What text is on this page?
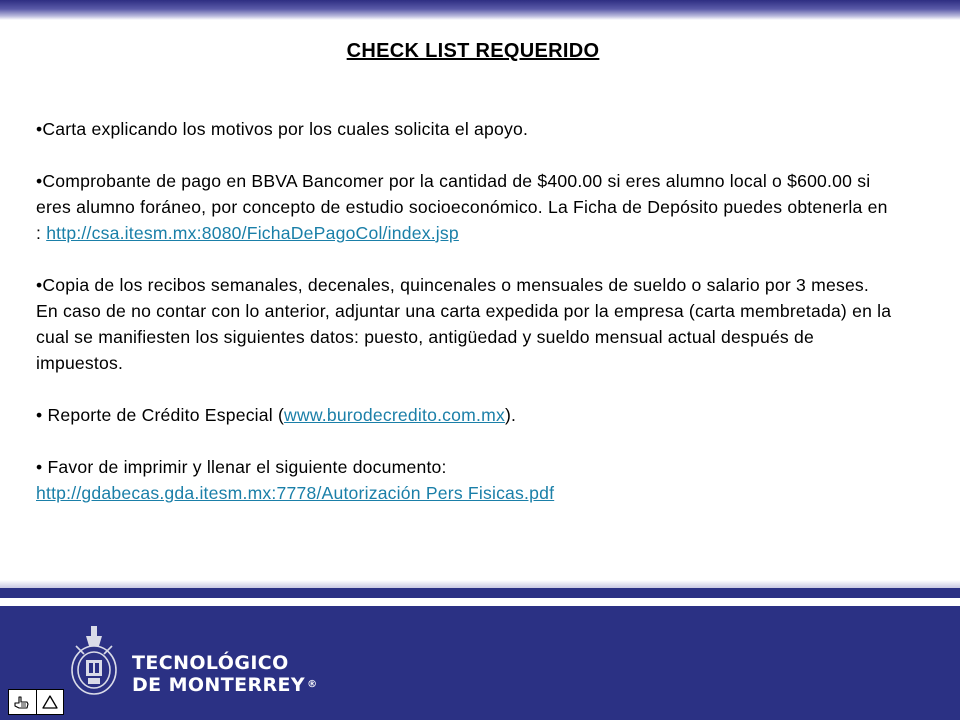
CHECK LIST REQUERIDO

•Carta explicando los motivos por los cuales solicita el apoyo.

•Comprobante de pago en BBVA Bancomer por la cantidad de $400.00 si eres alumno local o $600.00 si eres alumno foráneo, por concepto de estudio socioeconómico. La Ficha de Depósito puedes obtenerla en : http://csa.itesm.mx:8080/FichaDePagoCol/index.jsp

•Copia de los recibos semanales, decenales, quincenales o mensuales de sueldo o salario por 3 meses. En caso de no contar con lo anterior, adjuntar una carta expedida por la empresa (carta membretada) en la cual se manifiesten los siguientes datos: puesto, antigüedad y sueldo mensual actual después de impuestos.

• Reporte de Crédito Especial (www.burodecredito.com.mx).

• Favor de imprimir y llenar el siguiente documento:
http://gdabecas.gda.itesm.mx:7778/Autorización Pers Fisicas.pdf

TECNOLÓGICO
DE MONTERREY ®
